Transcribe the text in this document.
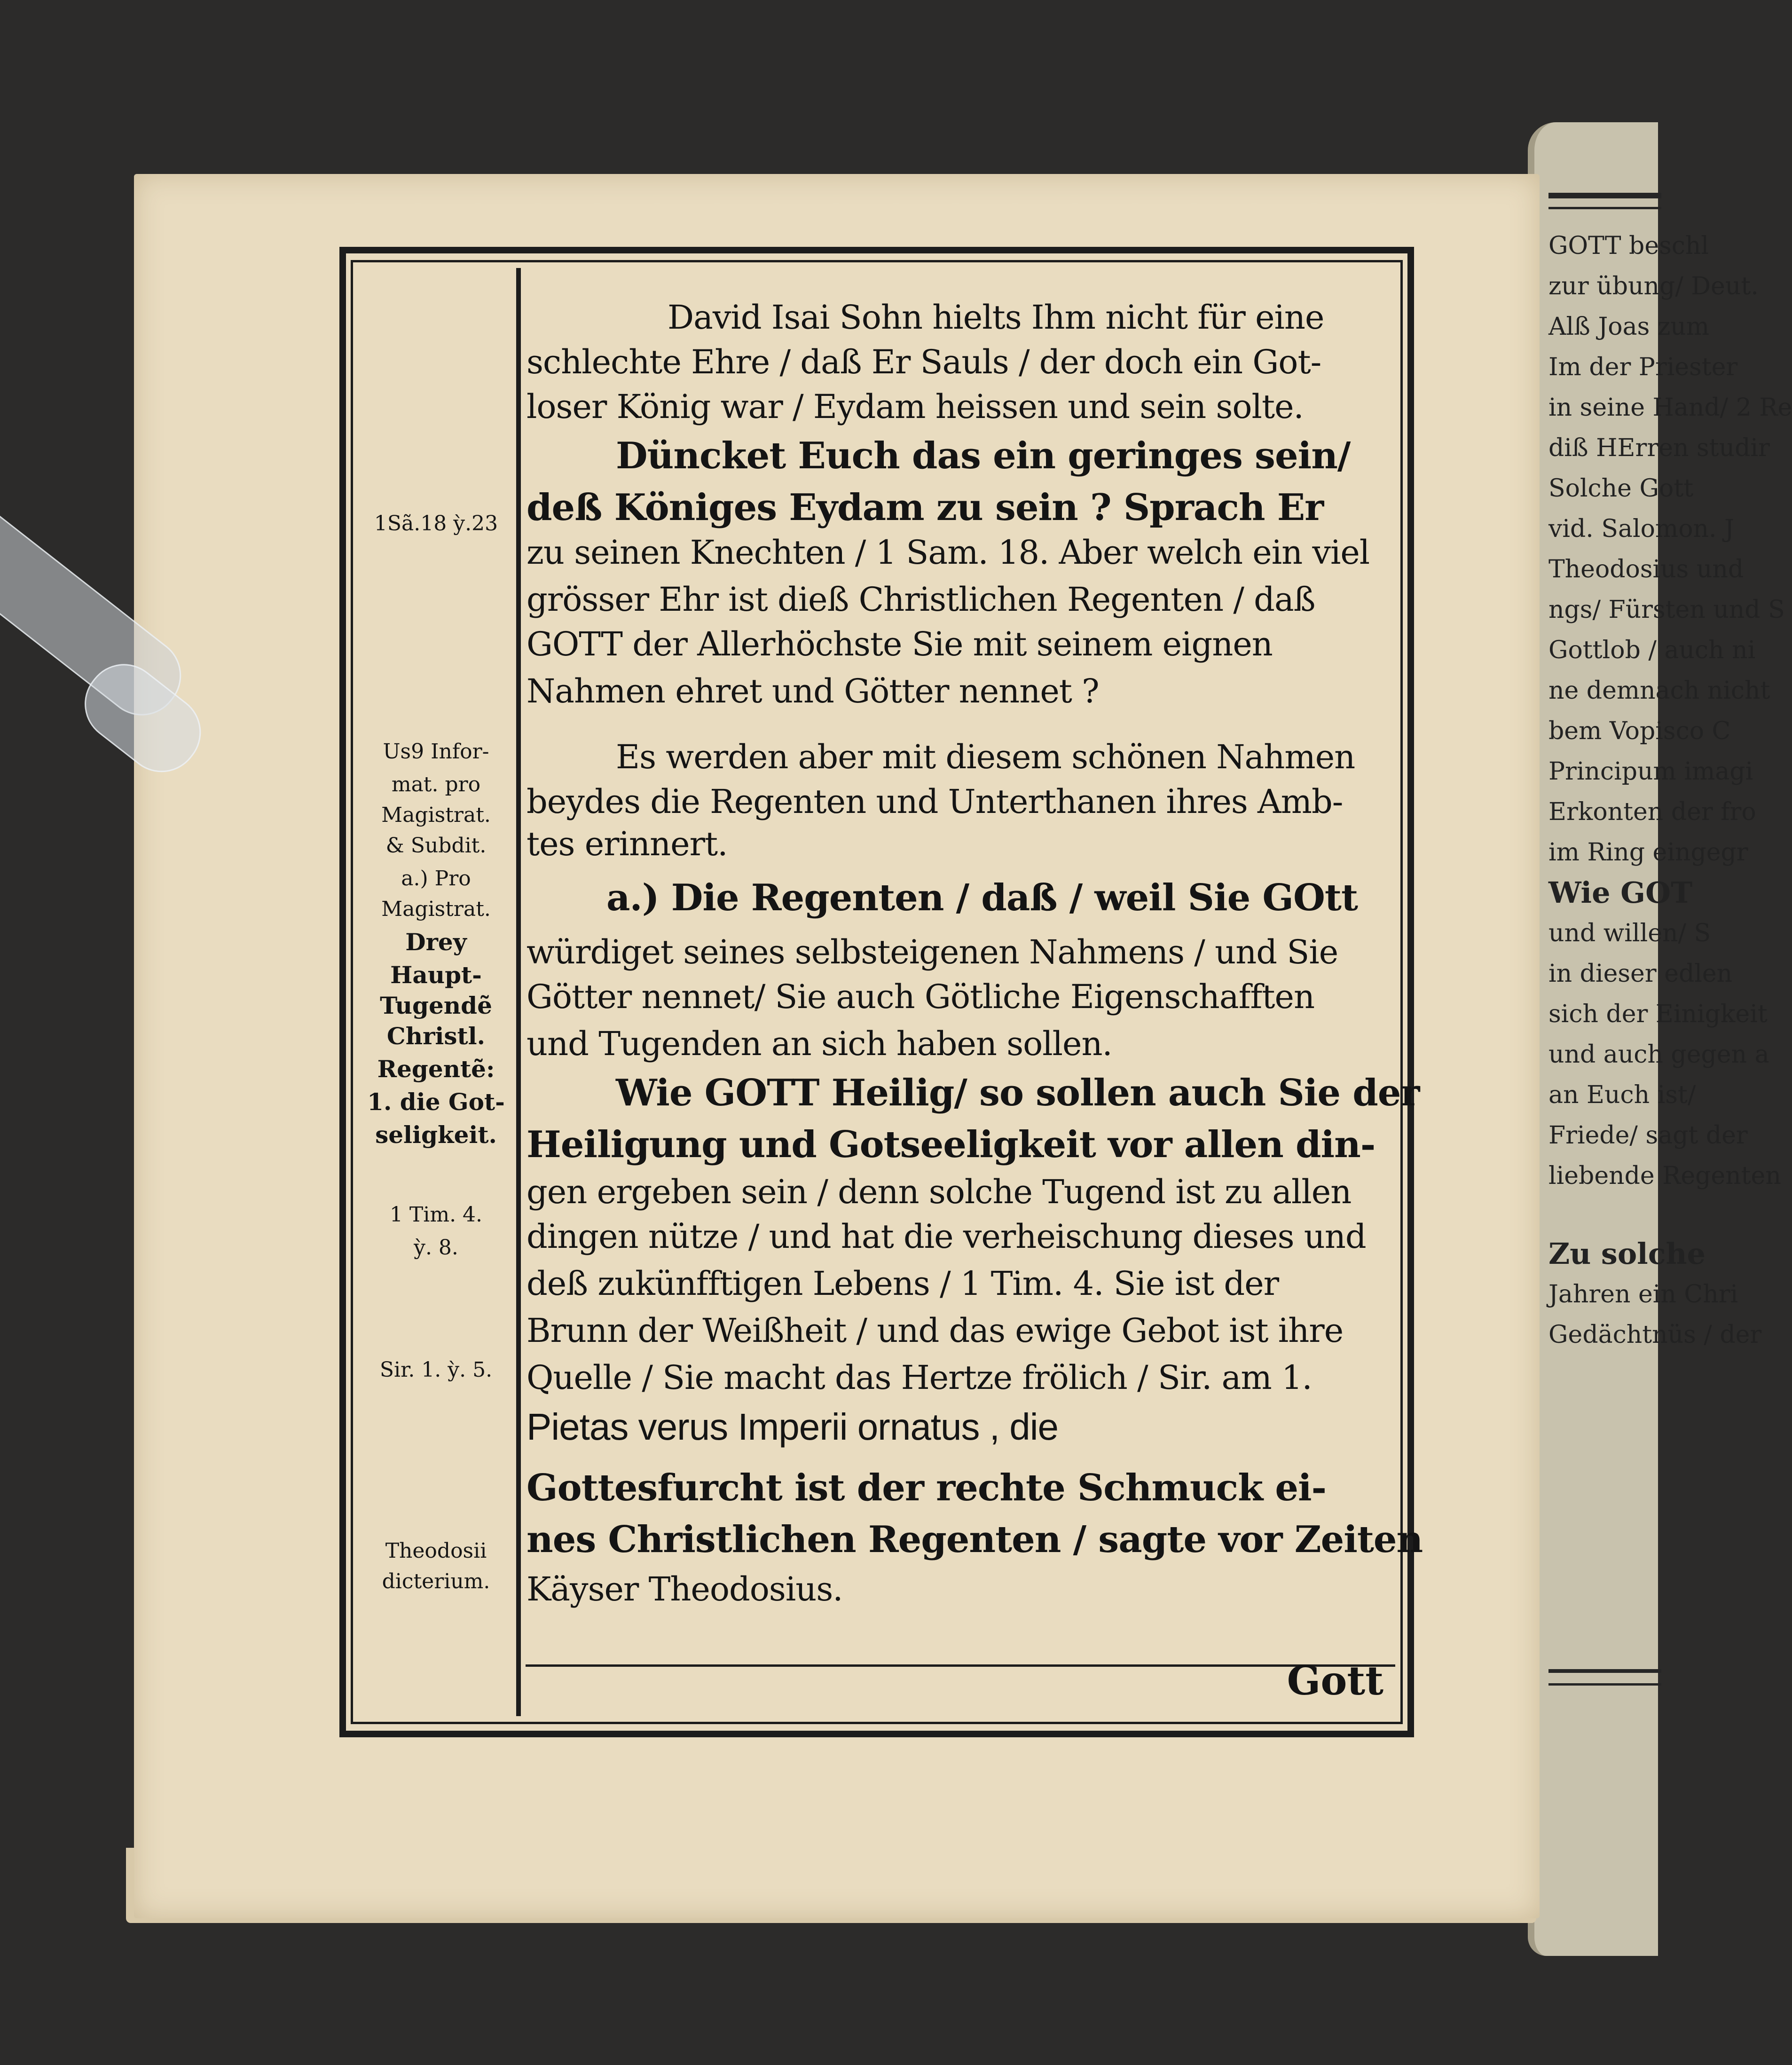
GOTT beschl
zur übung/ Deut.
Alß Joas zum
Im der Priester
in seine Hand/ 2 Re
diß HErren studir
Solche Gott
vid. Salomon. J
Theodosius und
ngs/ Fürsten und S
Gottlob / auch ni
ne demnach nicht
bem Vopisco C
Principum imagi
Erkonten der fro
im Ring eingegr
Wie GOT
und willen/ S
in dieser edlen
sich der Einigkeit
und auch gegen a
an Euch ist/
Friede/ sagt der
liebende Regenten
Zu solche
Jahren ein Chri
Gedächtnüs / der
1Sã.18 ỳ.23
Us9 Infor-
mat. pro
Magistrat.
& Subdit.
a.) Pro
Magistrat.
Drey
Haupt-
Tugendẽ
Christl.
Regentẽ:
1. die Got-
seligkeit.
1 Tim. 4.
ỳ. 8.
Sir. 1. ỳ. 5.
Theodosii
dicterium.
David Isai Sohn hielts Ihm nicht für eine
schlechte Ehre / daß Er Sauls / der doch ein Got-
loser König war / Eydam heissen und sein solte.
Düncket Euch das ein geringes sein/
deß Königes Eydam zu sein ? Sprach Er
zu seinen Knechten / 1 Sam. 18. Aber welch ein viel
grösser Ehr ist dieß Christlichen Regenten / daß
GOTT der Allerhöchste Sie mit seinem eignen
Nahmen ehret und Götter nennet ?
Es werden aber mit diesem schönen Nahmen
beydes die Regenten und Unterthanen ihres Amb-
tes erinnert.
a.) Die Regenten / daß / weil Sie GOtt
würdiget seines selbsteigenen Nahmens / und Sie
Götter nennet/ Sie auch Götliche Eigenschafften
und Tugenden an sich haben sollen.
Wie GOTT Heilig/ so sollen auch Sie der
Heiligung und Gotseeligkeit vor allen din-
gen ergeben sein / denn solche Tugend ist zu allen
dingen nütze / und hat die verheischung dieses und
deß zukünfftigen Lebens / 1 Tim. 4. Sie ist der
Brunn der Weißheit / und das ewige Gebot ist ihre
Quelle / Sie macht das Hertze frölich / Sir. am 1.
Pietas verus Imperii ornatus , die
Gottesfurcht ist der rechte Schmuck ei-
nes Christlichen Regenten / sagte vor Zeiten
Käyser Theodosius.
Gott
